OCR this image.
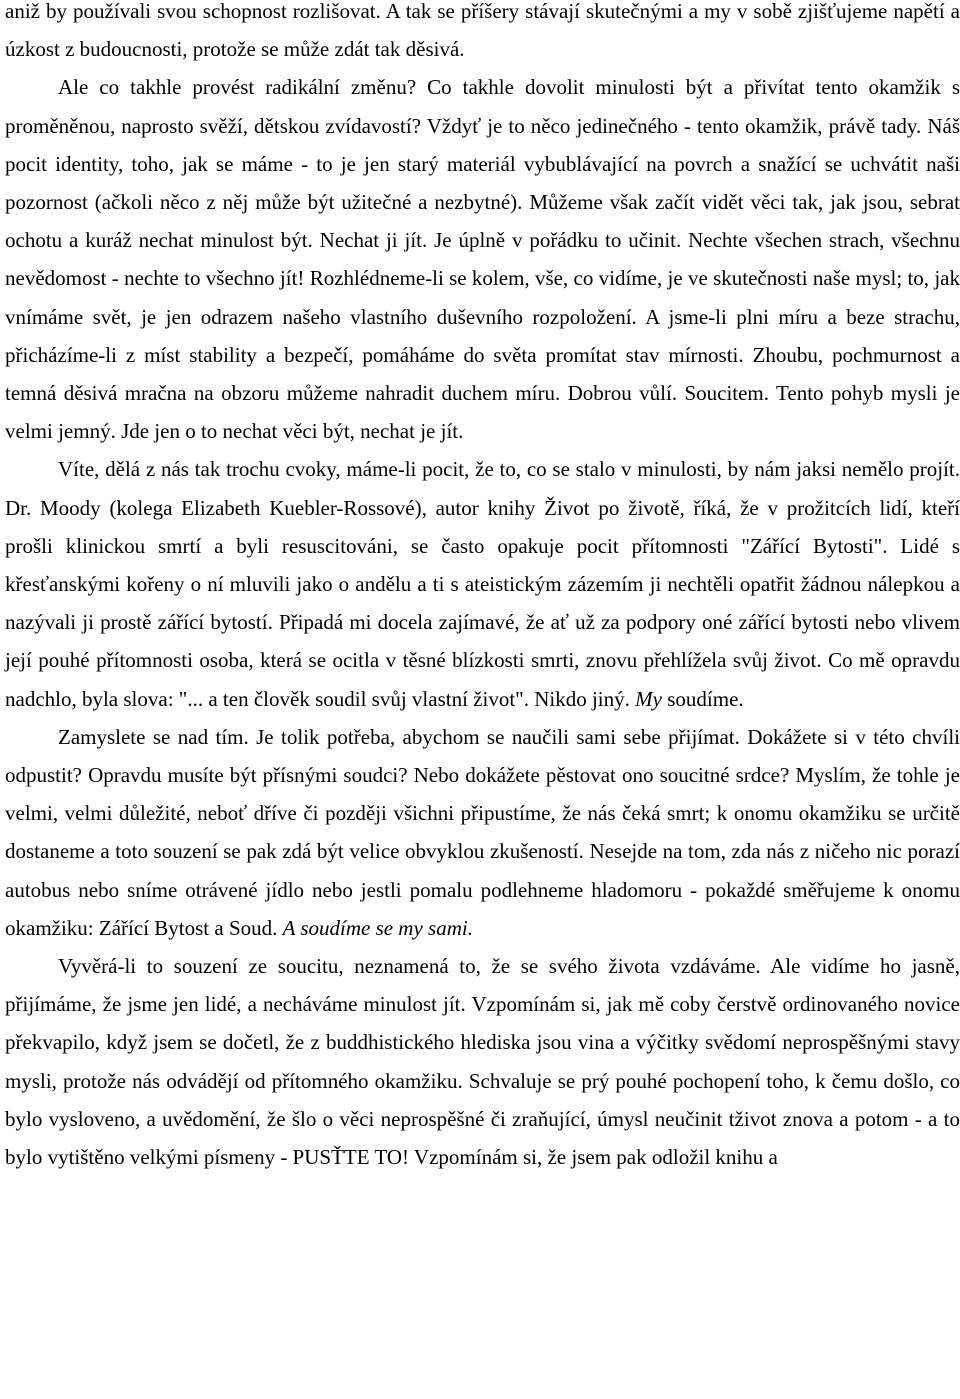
aniž by používali svou schopnost rozlišovat. A tak se příšery stávají skutečnými a my v sobě zjišťujeme napětí a úzkost z budoucnosti, protože se může zdát tak děsivá.

Ale co takhle provést radikální změnu? Co takhle dovolit minulosti být a přivítat tento okamžik s proměněnou, naprosto svěží, dětskou zvídavostí? Vždyť je to něco jedinečného - tento okamžik, právě tady. Náš pocit identity, toho, jak se máme - to je jen starý materiál vybublávající na povrch a snažící se uchvátit naši pozornost (ačkoli něco z něj může být užitečné a nezbytné). Můžeme však začít vidět věci tak, jak jsou, sebrat ochotu a kuráž nechat minulost být. Nechat ji jít. Je úplně v pořádku to učinit. Nechte všechen strach, všechnu nevědomost - nechte to všechno jít! Rozhlédneme-li se kolem, vše, co vidíme, je ve skutečnosti naše mysl; to, jak vnímáme svět, je jen odrazem našeho vlastního duševního rozpoložení. A jsme-li plni míru a beze strachu, přicházíme-li z míst stability a bezpečí, pomáháme do světa promítat stav mírnosti. Zhoubu, pochmurnost a temná děsivá mračna na obzoru můžeme nahradit duchem míru. Dobrou vůlí. Soucitem. Tento pohyb mysli je velmi jemný. Jde jen o to nechat věci být, nechat je jít.

Víte, dělá z nás tak trochu cvoky, máme-li pocit, že to, co se stalo v minulosti, by nám jaksi nemělo projít. Dr. Moody (kolega Elizabeth Kuebler-Rossové), autor knihy Život po životě, říká, že v prožitcích lidí, kteří prošli klinickou smrtí a byli resuscitováni, se často opakuje pocit přítomnosti "Zářící Bytosti". Lidé s křesťanskými kořeny o ní mluvili jako o andělu a ti s ateistickým zázemím ji nechtěli opatřit žádnou nálepkou a nazývali ji prostě zářící bytostí. Připadá mi docela zajímavé, že ať už za podpory oné zářící bytosti nebo vlivem její pouhé přítomnosti osoba, která se ocitla v těsné blízkosti smrti, znovu přehlížela svůj život. Co mě opravdu nadchlo, byla slova: "... a ten člověk soudil svůj vlastní život". Nikdo jiný. My soudíme.

Zamyslete se nad tím. Je tolik potřeba, abychom se naučili sami sebe přijímat. Dokážete si v této chvíli odpustit? Opravdu musíte být přísnými soudci? Nebo dokážete pěstovat ono soucitné srdce? Myslím, že tohle je velmi, velmi důležité, neboť dříve či později všichni připustíme, že nás čeká smrt; k onomu okamžiku se určitě dostaneme a toto souzení se pak zdá být velice obvyklou zkušeností. Nesejde na tom, zda nás z ničeho nic porazí autobus nebo sníme otrávené jídlo nebo jestli pomalu podlehneme hladomoru - pokaždé směřujeme k onomu okamžiku: Zářící Bytost a Soud. A soudíme se my sami.

Vyvěrá-li to souzení ze soucitu, neznamená to, že se svého života vzdáváme. Ale vidíme ho jasně, přijímáme, že jsme jen lidé, a necháváme minulost jít. Vzpomínám si, jak mě coby čerstvě ordinovaného novice překvapilo, když jsem se dočetl, že z buddhistického hlediska jsou vina a výčitky svědomí neprospěšnými stavy mysli, protože nás odvádějí od přítomného okamžiku. Schvaluje se prý pouhé pochopení toho, k čemu došlo, co bylo vysloveno, a uvědomění, že šlo o věci neprospěšné či zraňující, úmysl neučinit tživot znova a potom - a to bylo vytištěno velkými písmeny - PUSŤTE TO! Vzpomínám si, že jsem pak odložil knihu a
